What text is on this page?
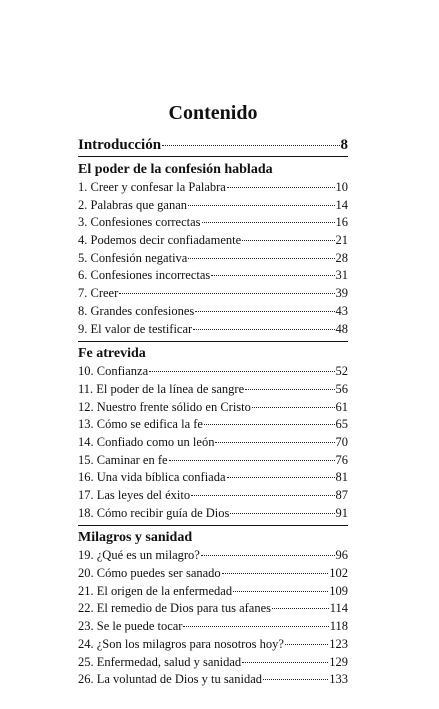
Contenido
Introducción	8
El poder de la confesión hablada
1. Creer y confesar la Palabra	10
2. Palabras que ganan	14
3. Confesiones correctas	16
4. Podemos decir confiadamente	21
5. Confesión negativa	28
6. Confesiones incorrectas	31
7. Creer	39
8. Grandes confesiones	43
9. El valor de testificar	48
Fe atrevida
10. Confianza	52
11. El poder de la línea de sangre	56
12. Nuestro frente sólido en Cristo	61
13. Cómo se edifica la fe	65
14. Confiado como un león	70
15. Caminar en fe	76
16. Una vida bíblica confiada	81
17. Las leyes del éxito	87
18. Cómo recibir guía de Dios	91
Milagros y sanidad
19. ¿Qué es un milagro?	96
20. Cómo puedes ser sanado	102
21. El origen de la enfermedad	109
22. El remedio de Dios para tus afanes	114
23. Se le puede tocar	118
24. ¿Son los milagros para nosotros hoy?	123
25. Enfermedad, salud y sanidad	129
26. La voluntad de Dios y tu sanidad	133
